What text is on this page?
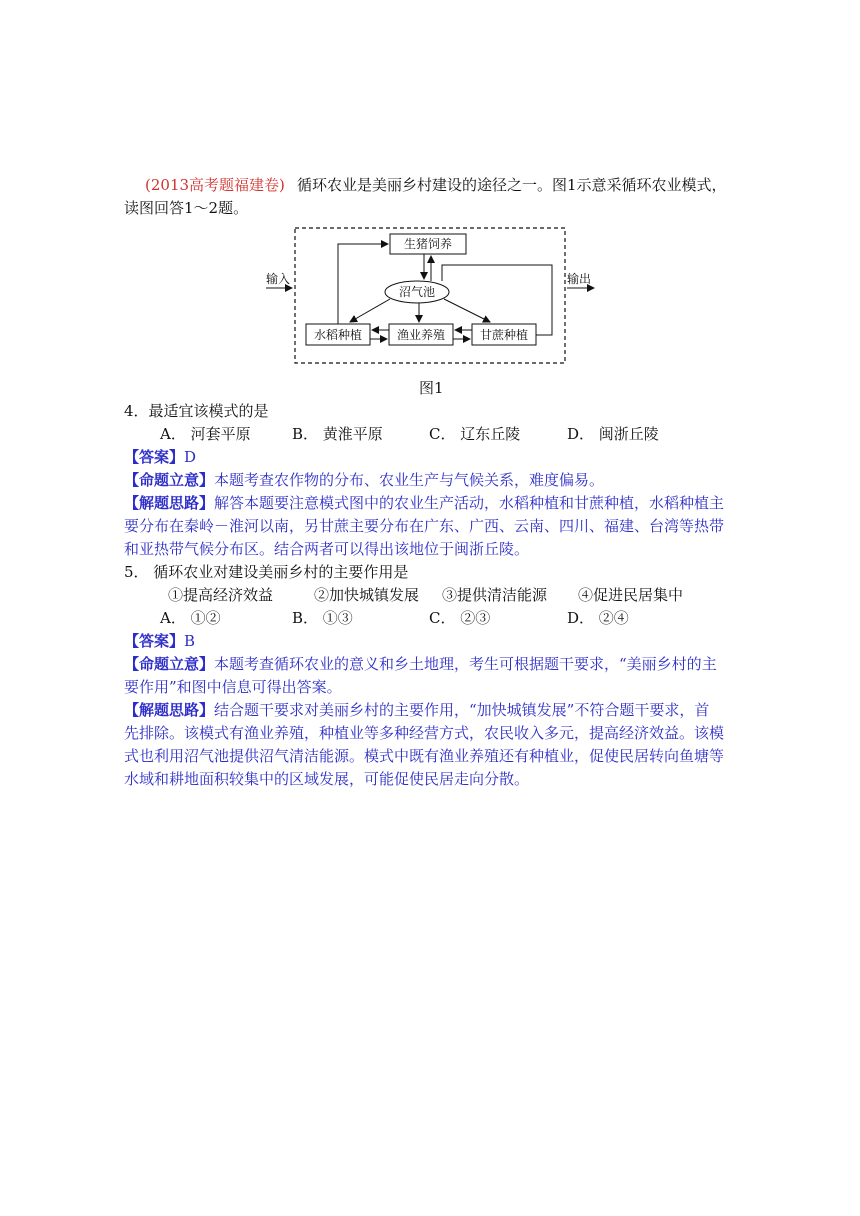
(2013高考题福建卷) 循环农业是美丽乡村建设的途径之一。图1示意采循环农业模式，
读图回答1～2题。
输入	输出
生猪饲养
沼气池
水稻种植	渔业养殖	甘蔗种植
图1
4．最适宜该模式的是
A． 河套平原	B． 黄淮平原	C． 辽东丘陵	D． 闽浙丘陵
【答案】D
【命题立意】本题考查农作物的分布、农业生产与气候关系，难度偏易。
【解题思路】解答本题要注意模式图中的农业生产活动，水稻种植和甘蔗种植，水稻种植主
要分布在秦岭－淮河以南，另甘蔗主要分布在广东、广西、云南、四川、福建、台湾等热带
和亚热带气候分布区。结合两者可以得出该地位于闽浙丘陵。
5． 循环农业对建设美丽乡村的主要作用是
①提高经济效益	②加快城镇发展 ③提供清洁能源 ④促进民居集中
A． ①②	B． ①③	C． ②③	D． ②④
【答案】B
【命题立意】本题考查循环农业的意义和乡土地理，考生可根据题干要求，“美丽乡村的主
要作用”和图中信息可得出答案。
【解题思路】结合题干要求对美丽乡村的主要作用，“加快城镇发展”不符合题干要求，首
先排除。该模式有渔业养殖，种植业等多种经营方式，农民收入多元，提高经济效益。该模
式也利用沼气池提供沼气清洁能源。模式中既有渔业养殖还有种植业，促使民居转向鱼塘等
水域和耕地面积较集中的区域发展，可能促使民居走向分散。
